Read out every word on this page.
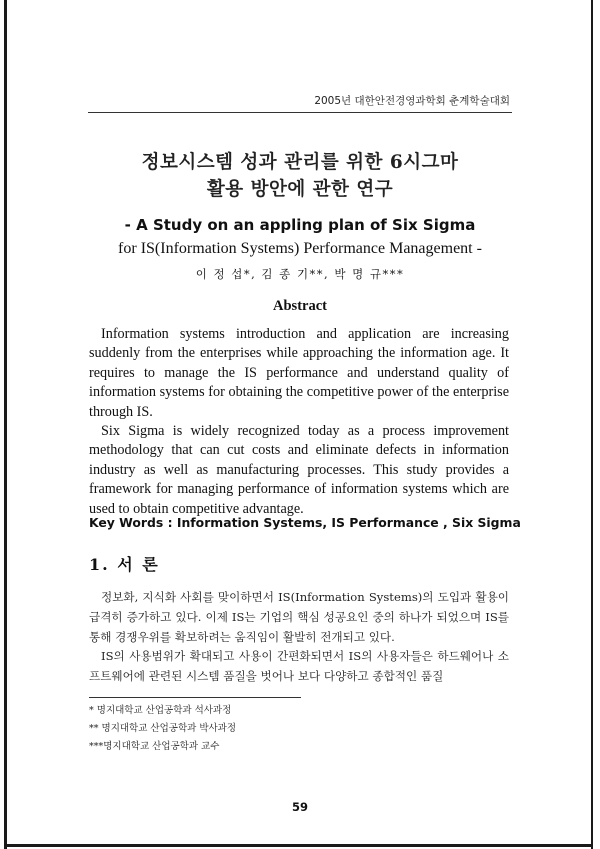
2005년 대한안전경영과학회 춘계학술대회
정보시스템 성과 관리를 위한 6시그마
활용 방안에 관한 연구
- A Study on an appling plan of Six Sigma
for IS(Information Systems) Performance Management -
이 정 섭*, 김 종 기**, 박 명 규***
Abstract

Information systems introduction and application are increasing suddenly from the enterprises while approaching the information age. It requires to manage the IS performance and understand quality of information systems for obtaining the competitive power of the enterprise through IS.

Six Sigma is widely recognized today as a process improvement methodology that can cut costs and eliminate defects in information industry as well as manufacturing processes. This study provides a framework for managing performance of information systems which are used to obtain competitive advantage.

Key Words : Information Systems, IS Performance , Six Sigma
1. 서 론

정보화, 지식화 사회를 맞이하면서 IS(Information Systems)의 도입과 활용이 급격히 증가하고 있다. 이제 IS는 기업의 핵심 성공요인 중의 하나가 되었으며 IS를 통해 경쟁우위를 확보하려는 움직임이 활발히 전개되고 있다.

IS의 사용범위가 확대되고 사용이 간편화되면서 IS의 사용자들은 하드웨어나 소프트웨어에 관련된 시스템 품질을 벗어나 보다 다양하고 종합적인 품질

* 명지대학교 산업공학과 석사과정
** 명지대학교 산업공학과 박사과정
***명지대학교 산업공학과 교수
59
